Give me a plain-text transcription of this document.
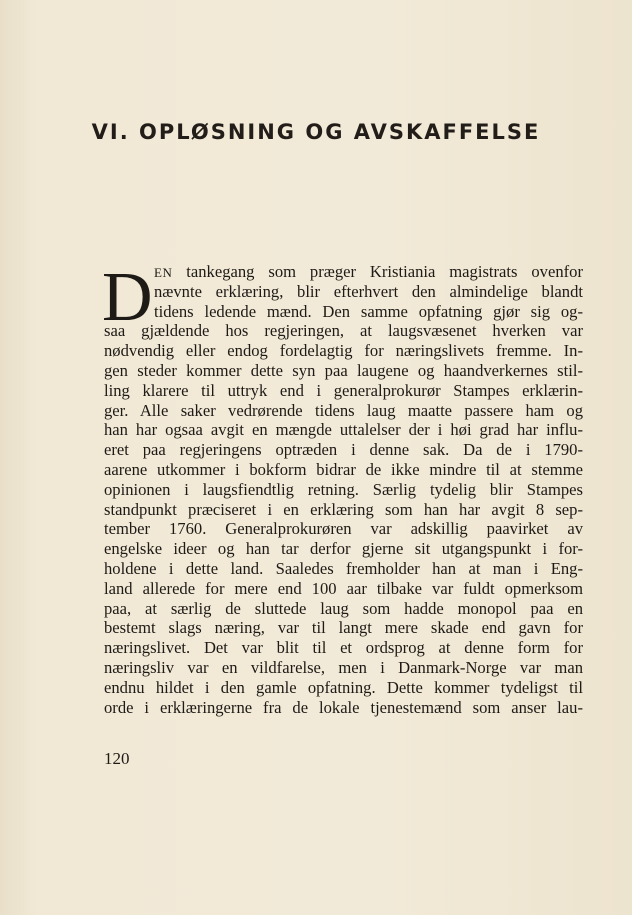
VI. OPLØSNING OG AVSKAFFELSE
D EN tankegang som præger Kristiania magistrats ovenfor
nævnte erklæring, blir efterhvert den almindelige blandt
tidens ledende mænd. Den samme opfatning gjør sig og-
saa gjældende hos regjeringen, at laugsvæsenet hverken var
nødvendig eller endog fordelagtig for næringslivets fremme. In-
gen steder kommer dette syn paa laugene og haandverkernes stil-
ling klarere til uttryk end i generalprokurør Stampes erklærin-
ger. Alle saker vedrørende tidens laug maatte passere ham og
han har ogsaa avgit en mængde uttalelser der i høi grad har influ-
eret paa regjeringens optræden i denne sak. Da de i 1790-
aarene utkommer i bokform bidrar de ikke mindre til at stemme
opinionen i laugsfiendtlig retning. Særlig tydelig blir Stampes
standpunkt præciseret i en erklæring som han har avgit 8 sep-
tember 1760. Generalprokurøren var adskillig paavirket av
engelske ideer og han tar derfor gjerne sit utgangspunkt i for-
holdene i dette land. Saaledes fremholder han at man i Eng-
land allerede for mere end 100 aar tilbake var fuldt opmerksom
paa, at særlig de sluttede laug som hadde monopol paa en
bestemt slags næring, var til langt mere skade end gavn for
næringslivet. Det var blit til et ordsprog at denne form for
næringsliv var en vildfarelse, men i Danmark-Norge var man
endnu hildet i den gamle opfatning. Dette kommer tydeligst til
orde i erklæringerne fra de lokale tjenestemænd som anser lau-

120
